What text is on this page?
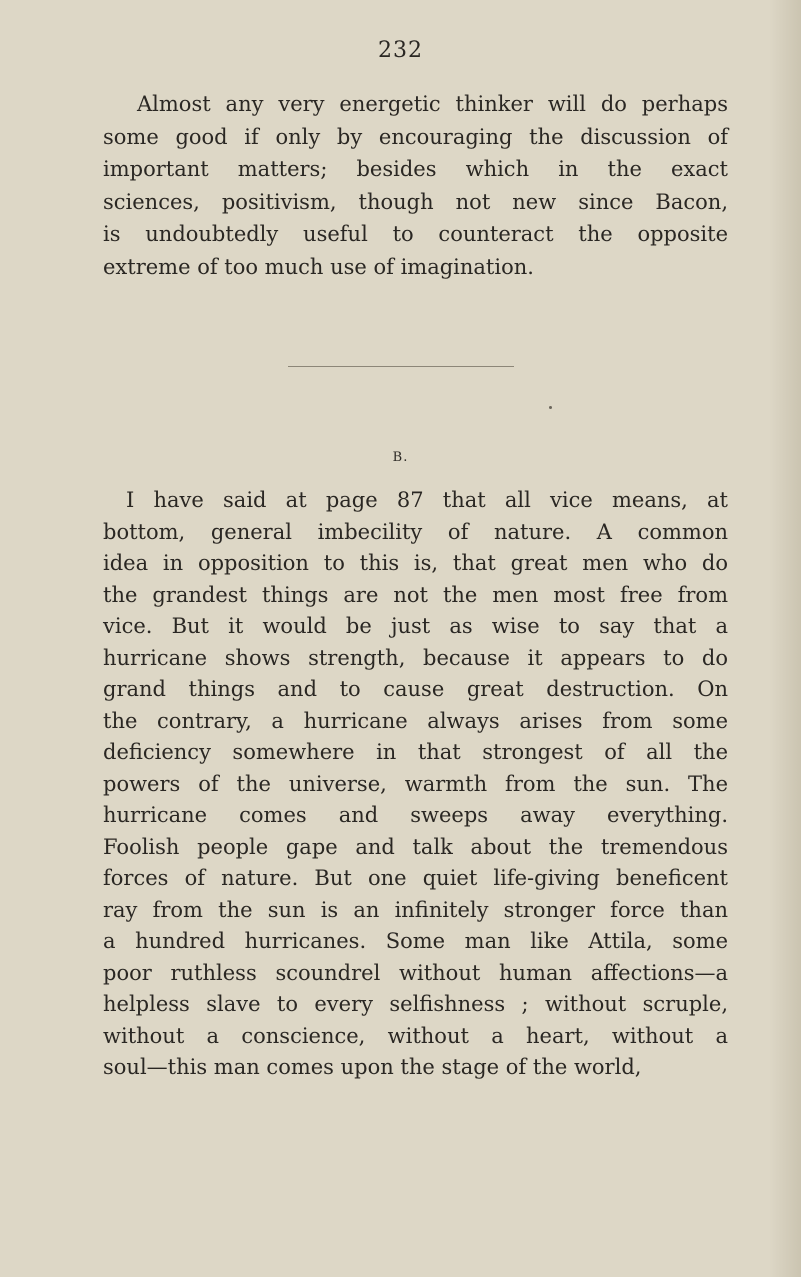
232
Almost any very energetic thinker will do perhaps
some good if only by encouraging the discussion of
important matters; besides which in the exact
sciences, positivism, though not new since Bacon,
is undoubtedly useful to counteract the opposite
extreme of too much use of imagination.
B.
I have said at page 87 that all vice means, at
bottom, general imbecility of nature. A common
idea in opposition to this is, that great men who do
the grandest things are not the men most free from
vice. But it would be just as wise to say that a
hurricane shows strength, because it appears to do
grand things and to cause great destruction. On
the contrary, a hurricane always arises from some
deficiency somewhere in that strongest of all the
powers of the universe, warmth from the sun. The
hurricane comes and sweeps away everything.
Foolish people gape and talk about the tremendous
forces of nature. But one quiet life-giving beneficent
ray from the sun is an infinitely stronger force than
a hundred hurricanes. Some man like Attila, some
poor ruthless scoundrel without human affections—a
helpless slave to every selfishness ; without scruple,
without a conscience, without a heart, without a
soul—this man comes upon the stage of the world,
